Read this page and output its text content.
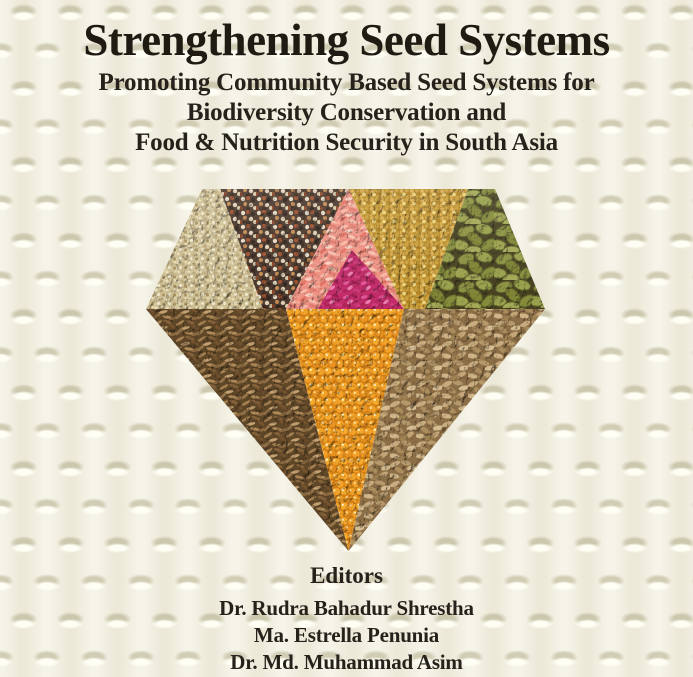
Strengthening Seed Systems
Promoting Community Based Seed Systems for
Biodiversity Conservation and
Food & Nutrition Security in South Asia
Editors
Dr. Rudra Bahadur Shrestha
Ma. Estrella Penunia
Dr. Md. Muhammad Asim
